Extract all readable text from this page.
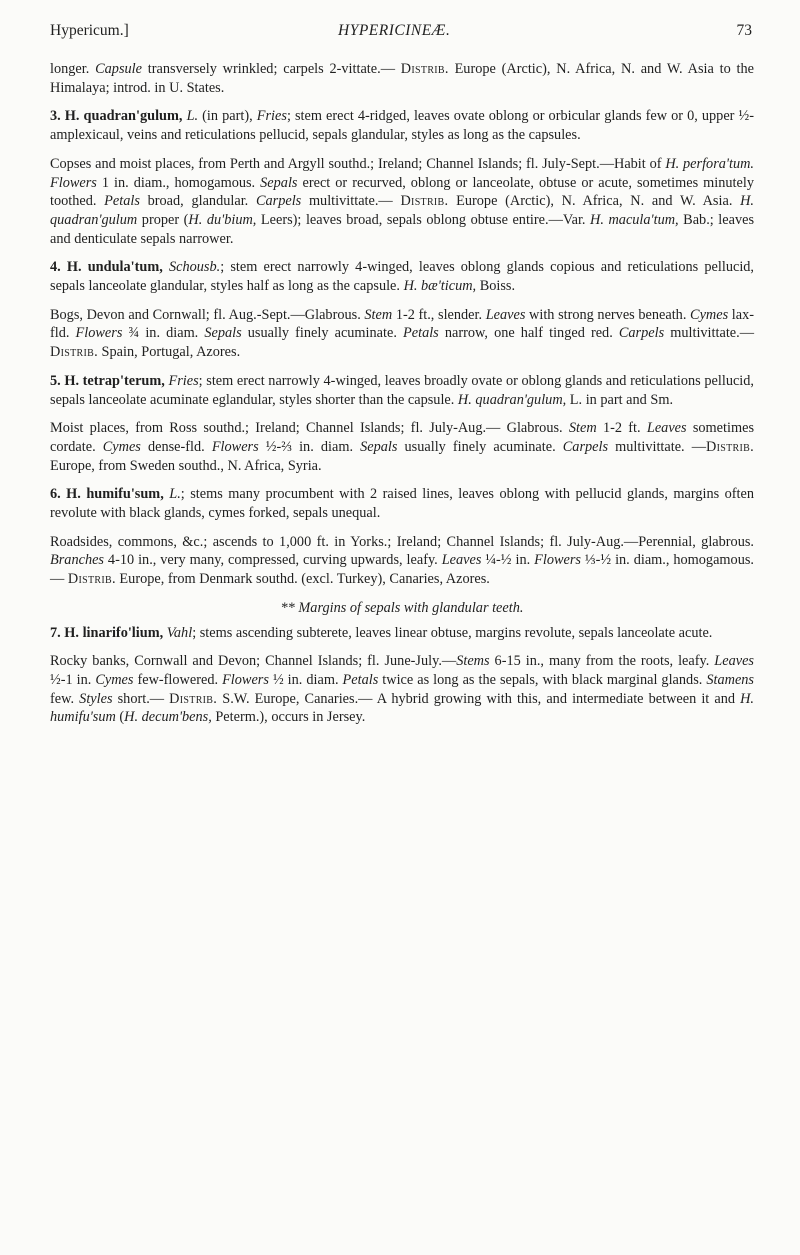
Hypericum.]	HYPERICINEÆ.	73

longer. Capsule transversely wrinkled; carpels 2-vittate.— Distrib. Europe (Arctic), N. Africa, N. and W. Asia to the Himalaya; introd. in U. States.

3. H. quadran'gulum, L. (in part), Fries; stem erect 4-ridged, leaves ovate oblong or orbicular glands few or 0, upper ½-amplexicaul, veins and reticulations pellucid, sepals glandular, styles as long as the capsules.

Copses and moist places, from Perth and Argyll southd.; Ireland; Channel Islands; fl. July-Sept.—Habit of H. perfora'tum. Flowers 1 in. diam., homogamous. Sepals erect or recurved, oblong or lanceolate, obtuse or acute, sometimes minutely toothed. Petals broad, glandular. Carpels multivittate.— Distrib. Europe (Arctic), N. Africa, N. and W. Asia. H. quadran'gulum proper (H. du'bium, Leers); leaves broad, sepals oblong obtuse entire.—Var. H. macula'tum, Bab.; leaves and denticulate sepals narrower.

4. H. undula'tum, Schousb.; stem erect narrowly 4-winged, leaves oblong glands copious and reticulations pellucid, sepals lanceolate glandular, styles half as long as the capsule. H. bæ'ticum, Boiss.

Bogs, Devon and Cornwall; fl. Aug.-Sept.—Glabrous. Stem 1-2 ft., slender. Leaves with strong nerves beneath. Cymes lax-fld. Flowers ¾ in. diam. Sepals usually finely acuminate. Petals narrow, one half tinged red. Carpels multivittate.— Distrib. Spain, Portugal, Azores.

5. H. tetrap'terum, Fries; stem erect narrowly 4-winged, leaves broadly ovate or oblong glands and reticulations pellucid, sepals lanceolate acuminate eglandular, styles shorter than the capsule. H. quadran'gulum, L. in part and Sm.

Moist places, from Ross southd.; Ireland; Channel Islands; fl. July-Aug.— Glabrous. Stem 1-2 ft. Leaves sometimes cordate. Cymes dense-fld. Flowers ½-⅔ in. diam. Sepals usually finely acuminate. Carpels multivittate. —Distrib. Europe, from Sweden southd., N. Africa, Syria.

6. H. humifu'sum, L.; stems many procumbent with 2 raised lines, leaves oblong with pellucid glands, margins often revolute with black glands, cymes forked, sepals unequal.

Roadsides, commons, &c.; ascends to 1,000 ft. in Yorks.; Ireland; Channel Islands; fl. July-Aug.—Perennial, glabrous. Branches 4-10 in., very many, compressed, curving upwards, leafy. Leaves ¼-½ in. Flowers ⅓-½ in. diam., homogamous.— Distrib. Europe, from Denmark southd. (excl. Turkey), Canaries, Azores.

** Margins of sepals with glandular teeth.

7. H. linarifo'lium, Vahl; stems ascending subterete, leaves linear obtuse, margins revolute, sepals lanceolate acute.

Rocky banks, Cornwall and Devon; Channel Islands; fl. June-July.—Stems 6-15 in., many from the roots, leafy. Leaves ½-1 in. Cymes few-flowered. Flowers ½ in. diam. Petals twice as long as the sepals, with black marginal glands. Stamens few. Styles short.— Distrib. S.W. Europe, Canaries.— A hybrid growing with this, and intermediate between it and H. humifu'sum (H. decum'bens, Peterm.), occurs in Jersey.
